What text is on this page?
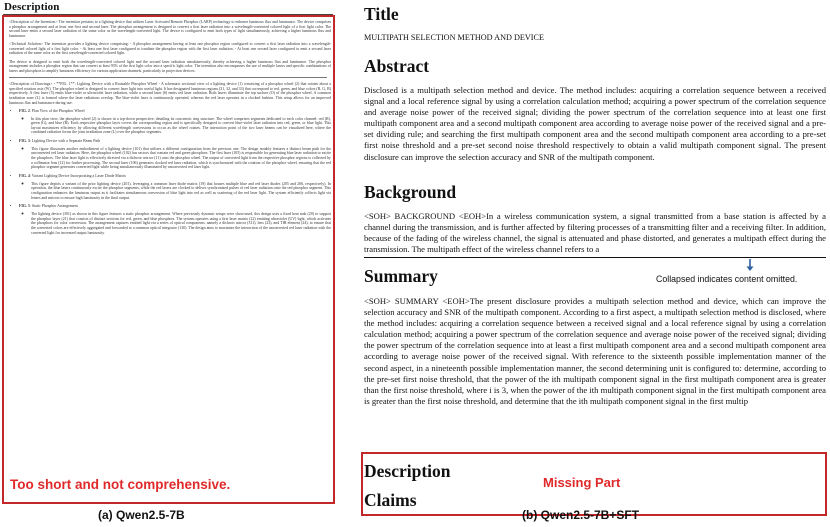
Description

<Description of the Invention> The invention pertains to a lighting device that utilizes Laser Activated Remote Phosphor (LARP) technology to enhance luminous flux and luminance. The device comprises a phosphor arrangement and at least one first and second laser. The phosphor arrangement is designed to convert a first laser radiation into a wavelength-converted colored light of a first light color. The second laser emits a second laser radiation of the same color as the wavelength-converted light. The device is configured to emit both types of light simultaneously, achieving a higher luminous flux and luminance.

<Technical Solution> The invention provides a lighting device comprising: - A phosphor arrangement having at least one phosphor region configured to convert a first laser radiation into a wavelength-converted colored light of a first light color. - At least one first laser configured to irradiate the phosphor region with the first laser radiation. - At least one second laser configured to emit a second laser radiation of the same color as the first wavelength-converted colored light.

The device is designed to emit both the wavelength-converted colored light and the second laser radiation simultaneously, thereby achieving a higher luminous flux and luminance. The phosphor arrangement includes a phosphor region that can convert at least 93% of the first light color into a specific light color. The invention also encompasses the use of multiple lasers and specific combinations of lasers and phosphors to amplify luminous efficiency for various application channels, particularly in projection devices.

<Description of Drawings> - **FIG. 1**: Lighting Device with a Rotatable Phosphor Wheel - A schematic sectional view of a lighting device (1) consisting of a phosphor wheel (2) that rotates about a specified rotation axis (W). The phosphor wheel is designed to convert laser light into useful light. It has designated luminous regions (31, 32, and 33) that correspond to red, green, and blue colors (R, G, B) respectively. A first laser (5) emits blue-violet or ultraviolet laser radiation, while a second laser (6) emits red laser radiation. Both lasers illuminate the top surface (O) of the phosphor wheel. A common irradiation zone (L) is formed where the laser radiations overlap. The blue-violet laser is continuously operated, whereas the red laser operates in a clocked fashion. This setup allows for an improved luminous flux and luminance during use.

• FIG. 2: Plan View of the Phosphor Wheel
◦ In this plan view, the phosphor wheel (2) is shown in a top-down perspective, detailing its concentric ring structure. The wheel comprises segments dedicated to each color channel: red (R), green (G), and blue (B). Each respective phosphor layer covers the corresponding region and is specifically designed to convert blue-violet laser radiation into red, green, or blue light. This layout maximizes efficiency by allowing different wavelength conversions to occur as the wheel rotates. The interaction point of the two laser beams can be visualized here, where the combined radiation forms the joint irradiation zone (L) over the phosphor segments.
• FIG. 3: Lighting Device with a Separate Beam Path
◦ This figure illustrates another embodiment of a lighting device (101) that utilizes a different configuration from the previous one. The design notably features a distinct beam path for the unconverted red laser radiation. Here, the phosphor wheel (102) has sectors that contain red and green phosphors. The first laser (105) is responsible for generating blue laser radiation to excite the phosphors. The blue laser light is effectively directed via a dichroic mirror (11) onto the phosphor wheel. The output of converted light from the respective phosphor regions is collected by a collimator lens (12) for further processing. The second laser (106) generates clocked red laser radiation, which is synchronized with the rotation of the phosphor wheel, ensuring that the red phosphor segment generates converted light while being simultaneously illuminated by unconverted red laser light.
• FIG. 4: Variant Lighting Device Incorporating a Laser Diode Matrix
◦ This figure depicts a variant of the prior lighting device (201), leveraging a common laser diode matrix (19) that houses multiple blue and red laser diodes (205 and 206, respectively). In operation, the blue lasers continuously excite the phosphor segments, while the red lasers are clocked to deliver synchronized pulses of red laser radiation onto the red phosphor segment. This configuration enhances the luminous output as it facilitates simultaneous conversion of blue light into red as well as scattering of the red laser light. The system efficiently collects light via lenses and mirrors to ensure high luminosity in the final output.
• FIG. 5: Static Phosphor Arrangement
◦ The lighting device (301) as shown in this figure features a static phosphor arrangement. Where previously dynamic setups were showcased, this design uses a fixed heat sink (20) to support the phosphor layer (21) that consists of distinct sections for red, green, and blue phosphors. The system operates using a first laser matrix (22) emitting ultraviolet (UV) light, which activates the phosphors for color conversion. The arrangement captures emitted light via a series of optical components, namely a dichroic mirror (311), lens (23), and TIR element (24), to ensure that the converted colors are effectively aggregated and forwarded to a common optical integrator (130). The design aims to maximize the interaction of the unconverted red laser radiation with the converted light for increased output luminosity.
Too short and not comprehensive.
(a) Qwen2.5-7B
Title
MULTIPATH SELECTION METHOD AND DEVICE
Abstract
Disclosed is a multipath selection method and device. The method includes: acquiring a correlation sequence between a received signal and a local reference signal by using a correlation calculation method; acquiring a power spectrum of the correlation sequence and average noise power of the received signal; dividing the power spectrum of the correlation sequence into at least one first multipath component area and a second multipath component area according to average noise power of the received signal and a pre-set dividing rule; and searching the first multipath component area and the second multipath component area according to a pre-set first noise threshold and a pre-set second noise threshold respectively to obtain a valid multipath component signal. The present disclosure can improve the selection accuracy and SNR of the multipath component.
Background
<SOH> BACKGROUND <EOH>In a wireless communication system, a signal transmitted from a base station is affected by a channel during the transmission, and is further affected by filtering processes of a transmitting filter and a receiving filter. In addition, because of the fading of the wireless channel, the signal is attenuated and phase distorted, and generates a multipath effect during the transmission. The multipath effect of the wireless channel refers to a
Collapsed indicates content omitted.
Summary
<SOH> SUMMARY <EOH>The present disclosure provides a multipath selection method and device, which can improve the selection accuracy and SNR of the multipath component. According to a first aspect, a multipath selection method is disclosed, where the method includes: acquiring a correlation sequence between a received signal and a local reference signal by using a correlation calculation method; acquiring a power spectrum of the correlation sequence and average noise power of the received signal; dividing the power spectrum of the correlation sequence into at least a first multipath component area and a second multipath component area according to average noise power of the received signal. With reference to the sixteenth possible implementation manner of the second aspect, in a nineteenth possible implementation manner, the second determining unit is configured to: determine, according to the pre-set first noise threshold, that the power of the ith multipath component signal in the first multipath component area is greater than the first noise threshold, where i is 3, when the power of the ith multipath component signal in the first multipath component area is greater than the first noise threshold, and determine that the ith multipath component signal in the first multip
Description
Claims
Missing Part
(b) Qwen2.5-7B+SFT
